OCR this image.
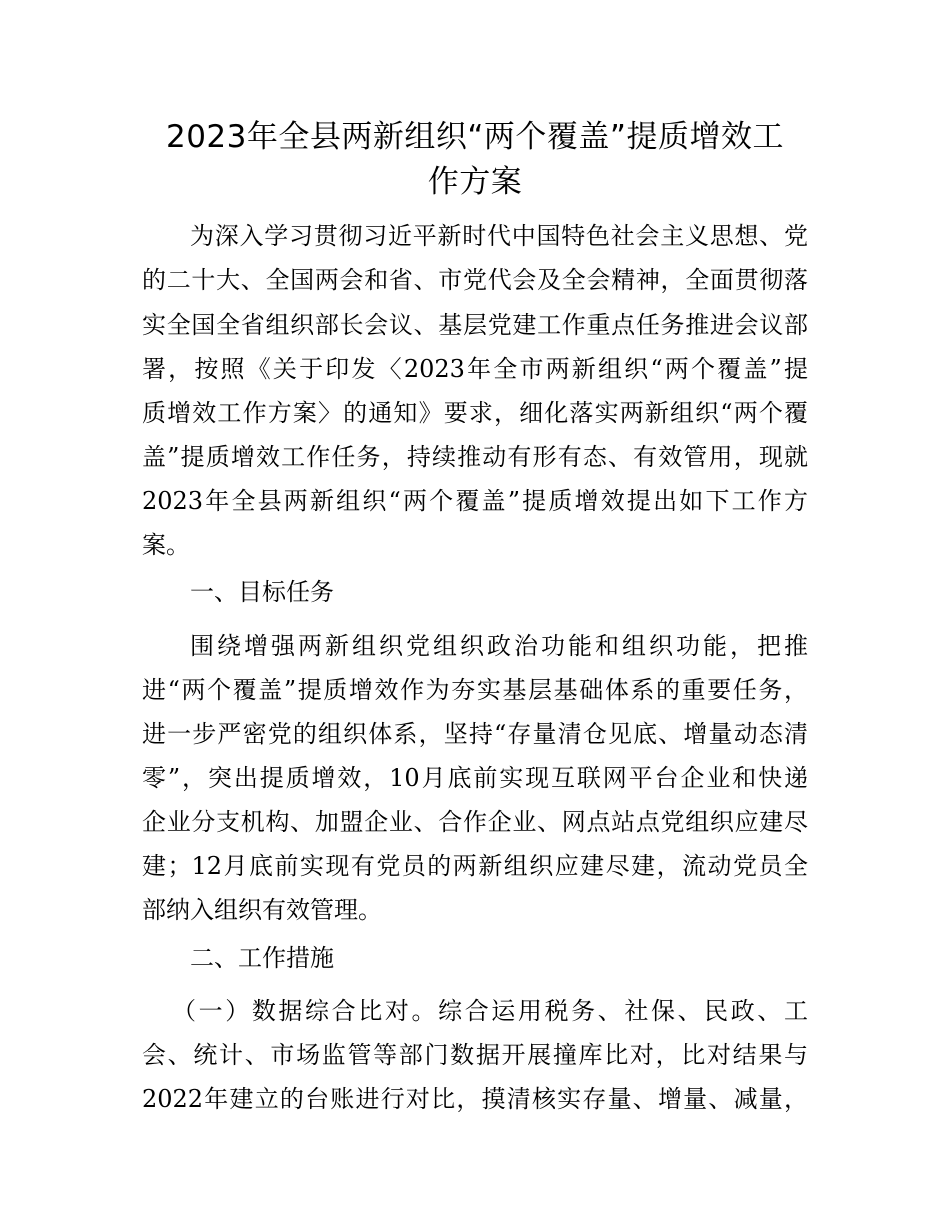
2023年全县两新组织“两个覆盖”提质增效工
作方案
为深入学习贯彻习近平新时代中国特色社会主义思想、党
的二十大、全国两会和省、市党代会及全会精神，全面贯彻落
实全国全省组织部长会议、基层党建工作重点任务推进会议部
署，按照《关于印发〈2023年全市两新组织“两个覆盖”提
质增效工作方案〉的通知》要求，细化落实两新组织“两个覆
盖”提质增效工作任务，持续推动有形有态、有效管用，现就
2023年全县两新组织“两个覆盖”提质增效提出如下工作方
案。
一、目标任务
围绕增强两新组织党组织政治功能和组织功能，把推
进“两个覆盖”提质增效作为夯实基层基础体系的重要任务，
进一步严密党的组织体系，坚持“存量清仓见底、增量动态清
零”，突出提质增效，10月底前实现互联网平台企业和快递
企业分支机构、加盟企业、合作企业、网点站点党组织应建尽
建；12月底前实现有党员的两新组织应建尽建，流动党员全
部纳入组织有效管理。
二、工作措施
（一）数据综合比对。综合运用税务、社保、民政、工
会、统计、市场监管等部门数据开展撞库比对，比对结果与
2022年建立的台账进行对比，摸清核实存量、增量、减量，
